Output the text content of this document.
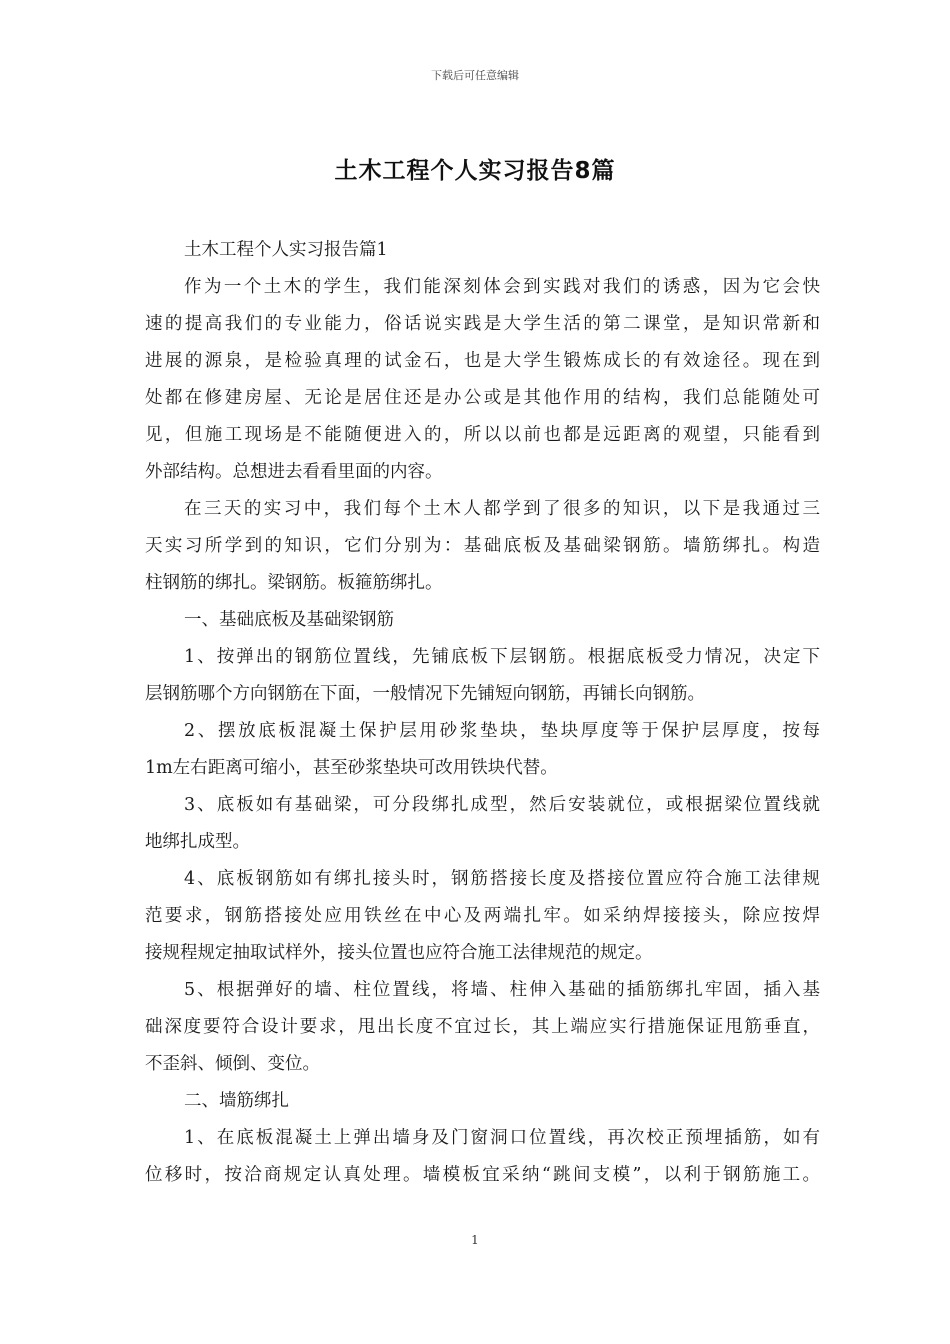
下载后可任意编辑
土木工程个人实习报告8篇
土木工程个人实习报告篇1
作为一个土木的学生，我们能深刻体会到实践对我们的诱惑，因为它会快
速的提高我们的专业能力，俗话说实践是大学生活的第二课堂，是知识常新和
进展的源泉，是检验真理的试金石，也是大学生锻炼成长的有效途径。现在到
处都在修建房屋、无论是居住还是办公或是其他作用的结构，我们总能随处可
见，但施工现场是不能随便进入的，所以以前也都是远距离的观望，只能看到
外部结构。总想进去看看里面的内容。
在三天的实习中，我们每个土木人都学到了很多的知识，以下是我通过三
天实习所学到的知识，它们分别为：基础底板及基础梁钢筋。墙筋绑扎。构造
柱钢筋的绑扎。梁钢筋。板箍筋绑扎。
一、基础底板及基础梁钢筋
1、按弹出的钢筋位置线，先铺底板下层钢筋。根据底板受力情况，决定下
层钢筋哪个方向钢筋在下面，一般情况下先铺短向钢筋，再铺长向钢筋。
2、摆放底板混凝土保护层用砂浆垫块，垫块厚度等于保护层厚度，按每
1m左右距离可缩小，甚至砂浆垫块可改用铁块代替。
3、底板如有基础梁，可分段绑扎成型，然后安装就位，或根据梁位置线就
地绑扎成型。
4、底板钢筋如有绑扎接头时，钢筋搭接长度及搭接位置应符合施工法律规
范要求，钢筋搭接处应用铁丝在中心及两端扎牢。如采纳焊接接头，除应按焊
接规程规定抽取试样外，接头位置也应符合施工法律规范的规定。
5、根据弹好的墙、柱位置线，将墙、柱伸入基础的插筋绑扎牢固，插入基
础深度要符合设计要求，甩出长度不宜过长，其上端应实行措施保证甩筋垂直，
不歪斜、倾倒、变位。
二、墙筋绑扎
1、在底板混凝土上弹出墙身及门窗洞口位置线，再次校正预埋插筋，如有
位移时，按洽商规定认真处理。墙模板宜采纳“跳间支模”，以利于钢筋施工。
1
